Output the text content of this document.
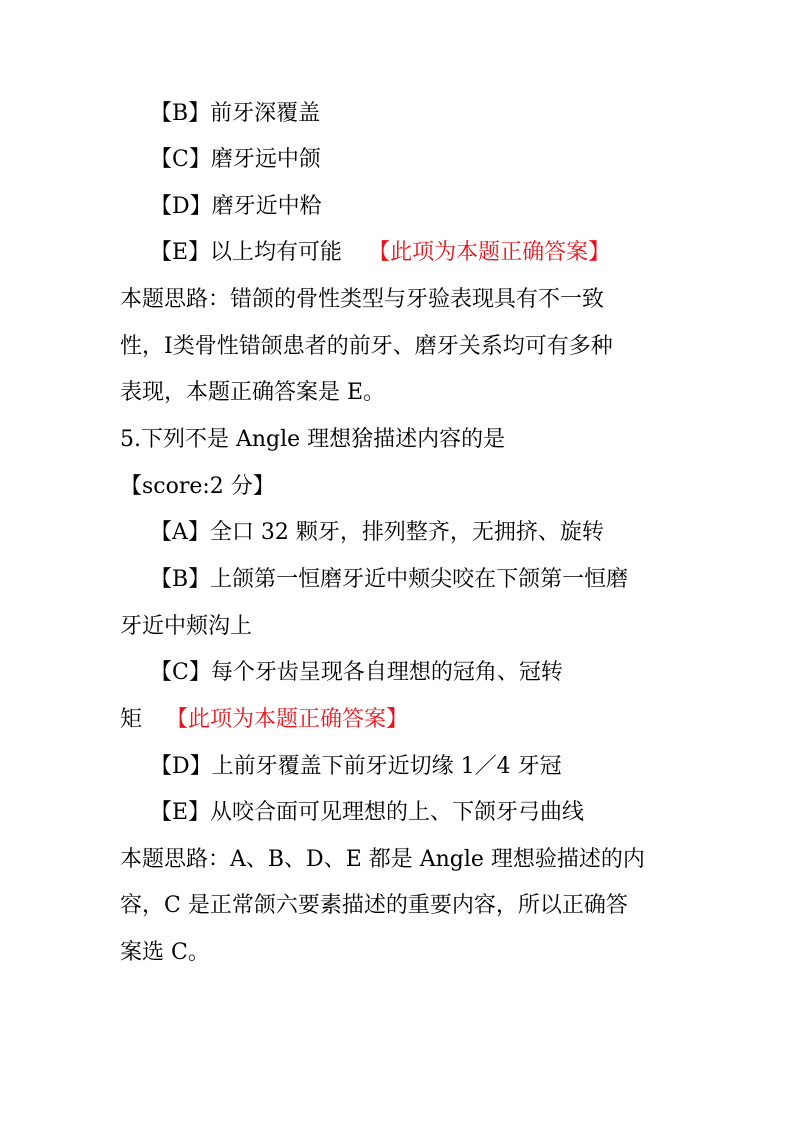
【B】前牙深覆盖
【C】磨牙远中颌
【D】磨牙近中粭
【E】以上均有可能 【此项为本题正确答案】
本题思路：错颌的骨性类型与牙验表现具有不一致
性，Ⅰ类骨性错颌患者的前牙、磨牙关系均可有多种
表现，本题正确答案是 E。
5.下列不是 Angle 理想猞描述内容的是
【score:2 分】
【A】全口 32 颗牙，排列整齐，无拥挤、旋转
【B】上颌第一恒磨牙近中颊尖咬在下颌第一恒磨
牙近中颊沟上
【C】每个牙齿呈现各自理想的冠角、冠转
矩 【此项为本题正确答案】
【D】上前牙覆盖下前牙近切缘 1／4 牙冠
【E】从咬合面可见理想的上、下颌牙弓曲线
本题思路：A、B、D、E 都是 Angle 理想验描述的内
容，C 是正常颌六要素描述的重要内容，所以正确答
案选 C。
